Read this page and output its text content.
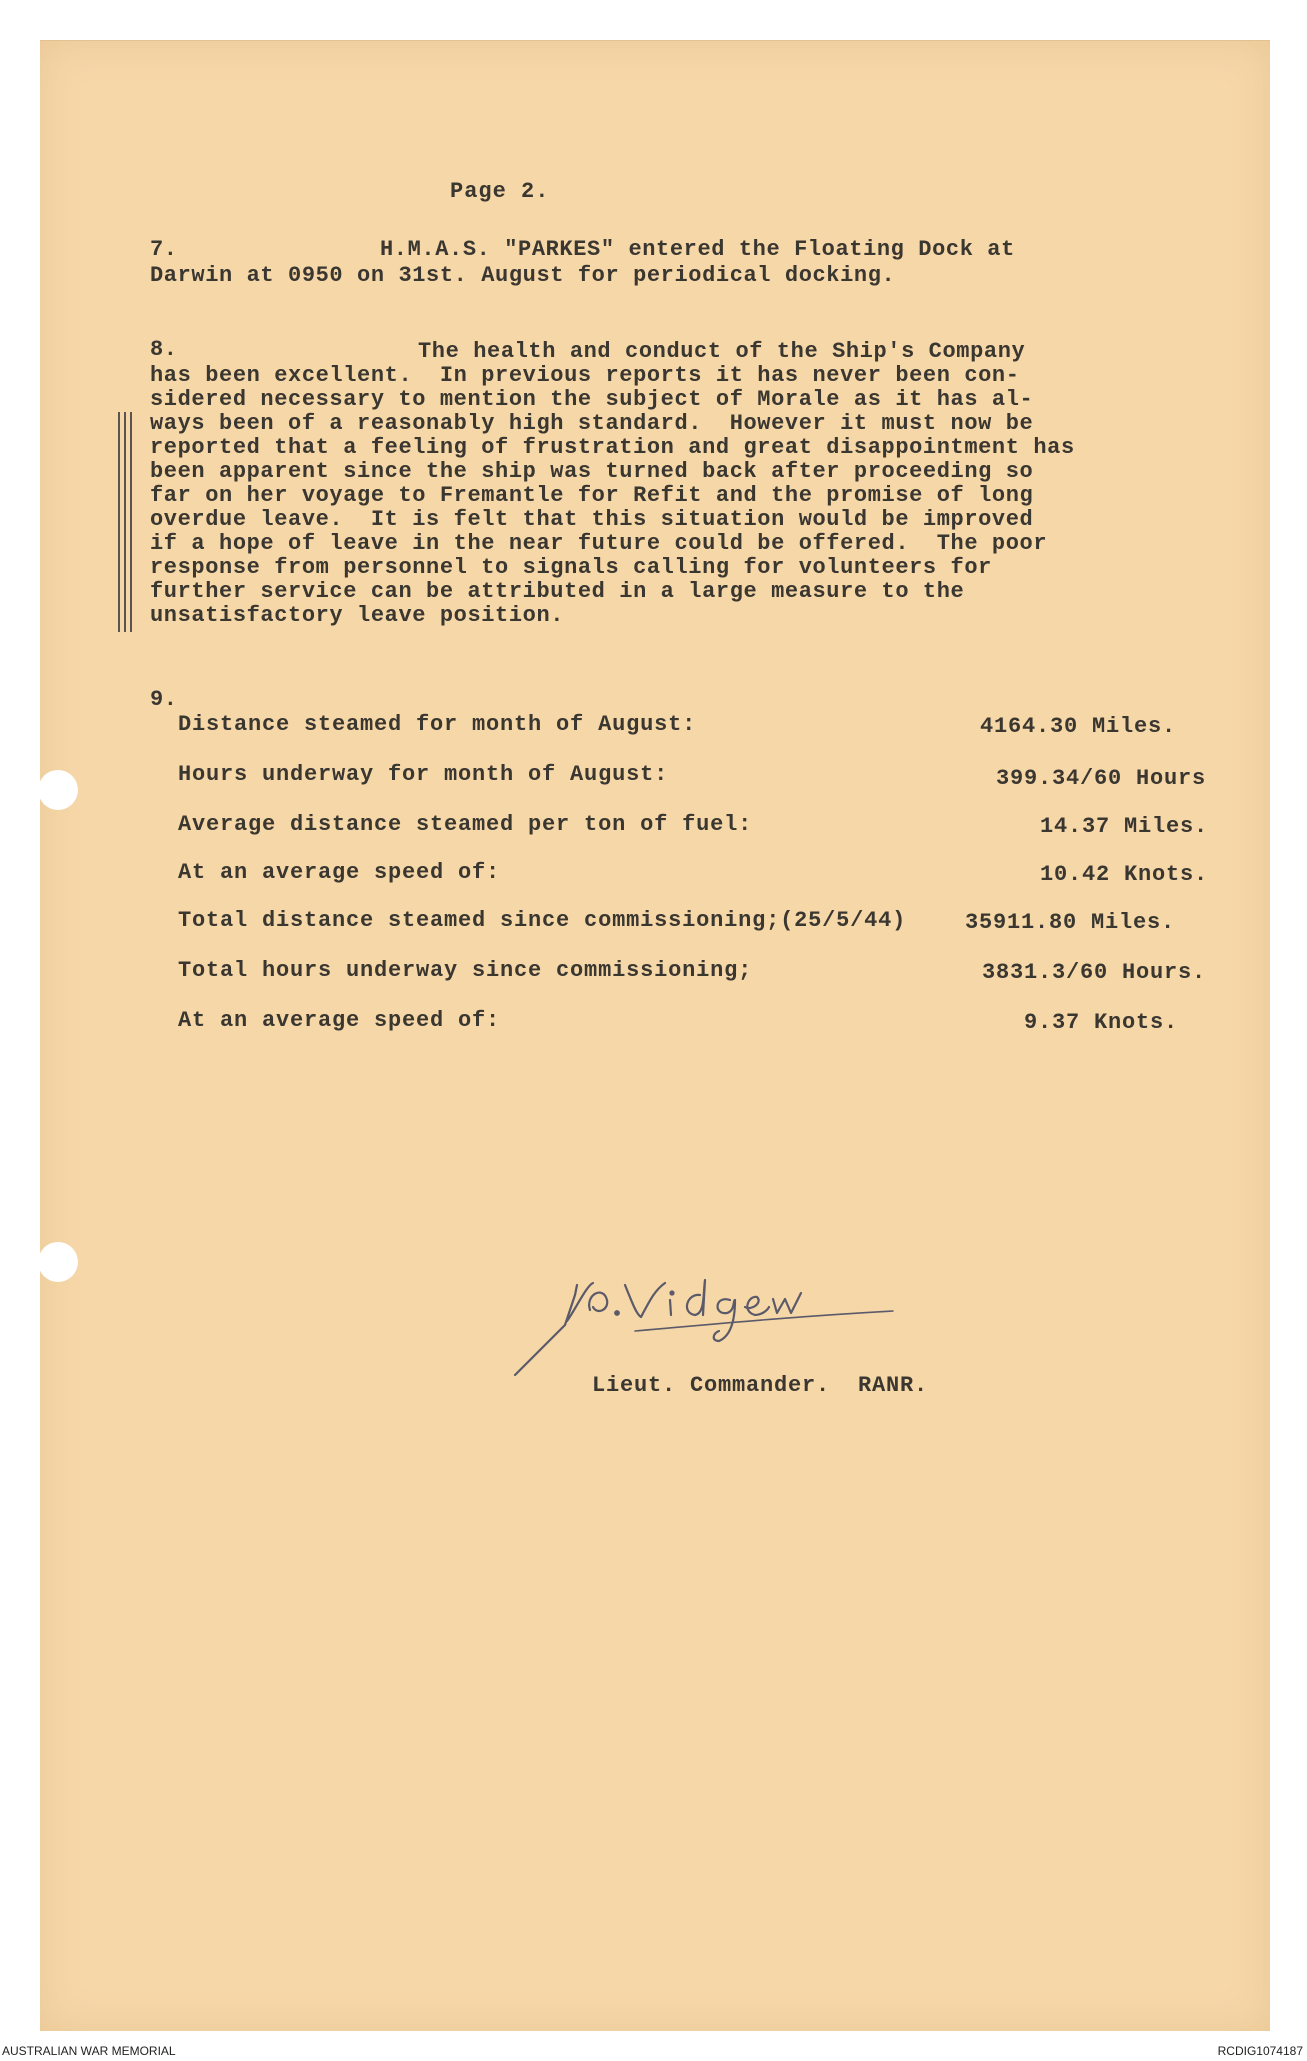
Page 2.
7.	H.M.A.S. "PARKES" entered the Floating Dock at
Darwin at 0950 on 31st. August for periodical docking.
8.	The health and conduct of the Ship's Company
has been excellent.  In previous reports it has never been con-
sidered necessary to mention the subject of Morale as it has al-
ways been of a reasonably high standard.  However it must now be
reported that a feeling of frustration and great disappointment has
been apparent since the ship was turned back after proceeding so
far on her voyage to Fremantle for Refit and the promise of long
overdue leave.  It is felt that this situation would be improved
if a hope of leave in the near future could be offered.  The poor
response from personnel to signals calling for volunteers for
further service can be attributed in a large measure to the
unsatisfactory leave position.
9.
Distance steamed for month of August:	4164.30 Miles.
Hours underway for month of August:	399.34/60 Hours
Average distance steamed per ton of fuel:	14.37 Miles.
At an average speed of:	10.42 Knots.
Total distance steamed since commissioning;(25/5/44)	35911.80 Miles.
Total hours underway since commissioning;	3831.3/60 Hours.
At an average speed of:	9.37 Knots.
Lieut. Commander.  RANR.
AUSTRALIAN WAR MEMORIAL	RCDIG1074187
